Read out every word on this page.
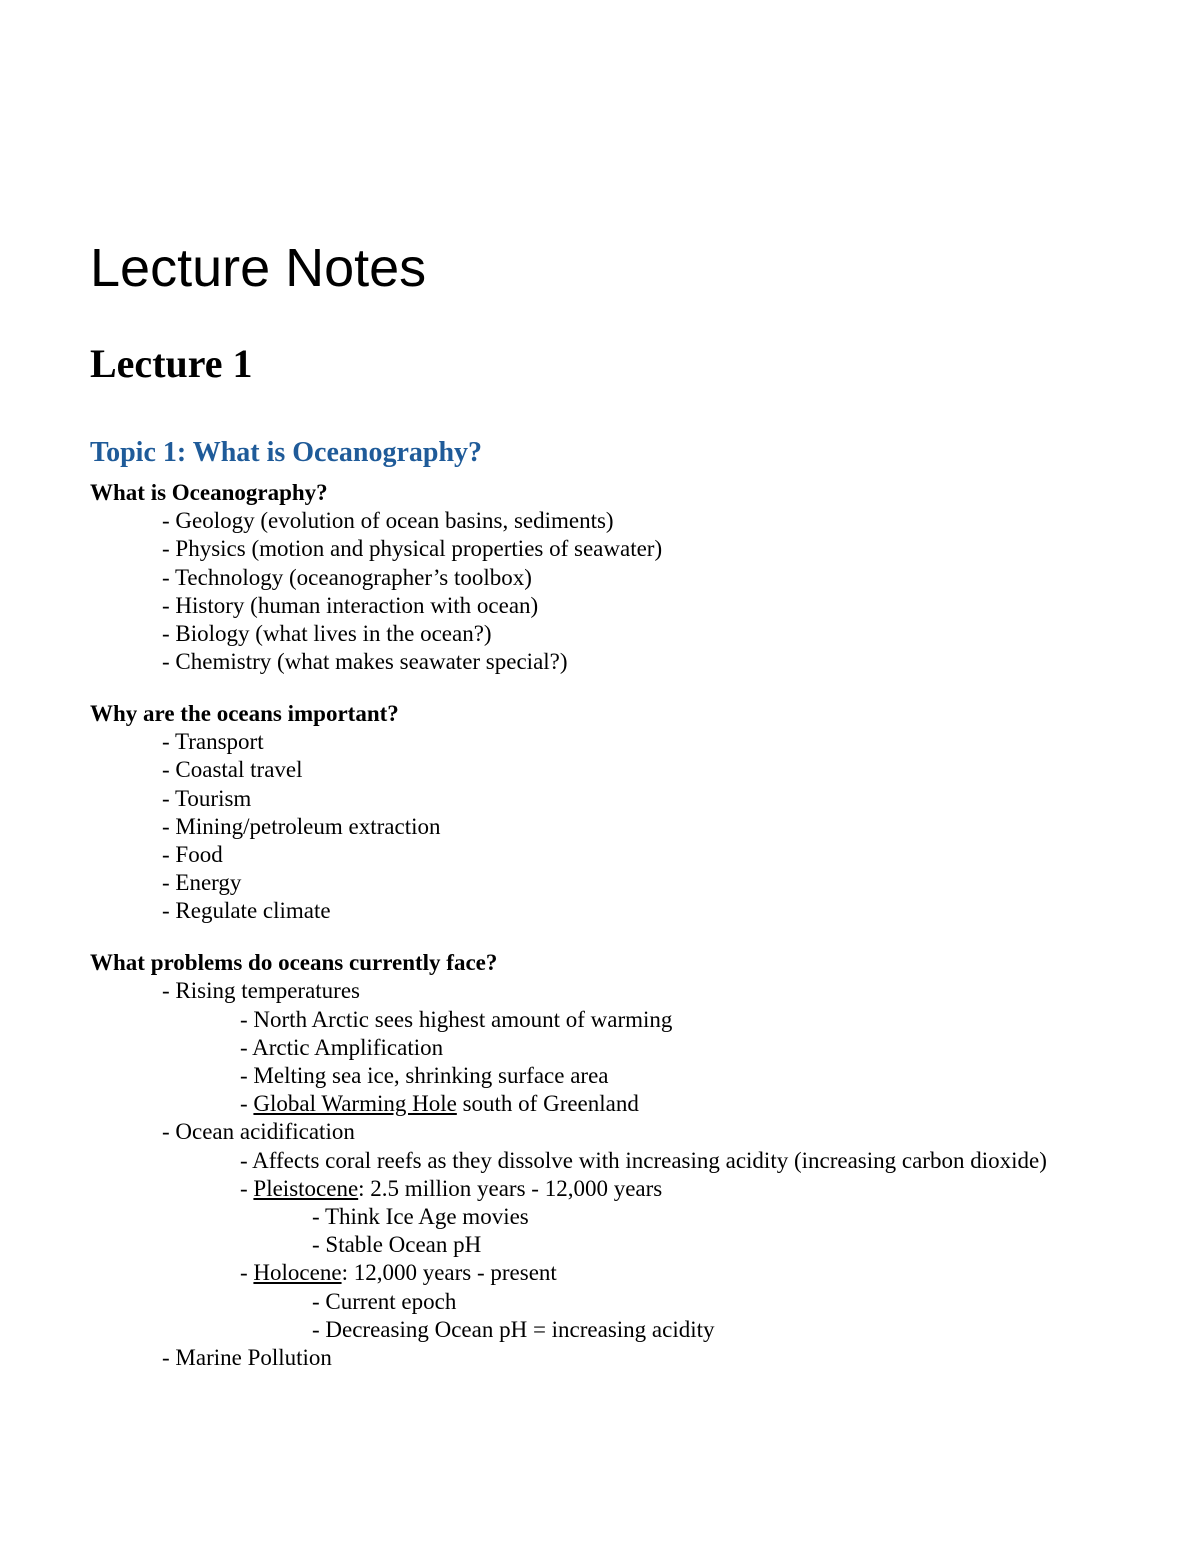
Lecture Notes
Lecture 1
Topic 1: What is Oceanography?

What is Oceanography?

- Geology (evolution of ocean basins, sediments)
- Physics (motion and physical properties of seawater)
- Technology (oceanographer’s toolbox)
- History (human interaction with ocean)
- Biology (what lives in the ocean?)
- Chemistry (what makes seawater special?)

Why are the oceans important?

- Transport
- Coastal travel
- Tourism
- Mining/petroleum extraction
- Food
- Energy
- Regulate climate

What problems do oceans currently face?

- Rising temperatures
- North Arctic sees highest amount of warming
- Arctic Amplification
- Melting sea ice, shrinking surface area
- Global Warming Hole south of Greenland
- Ocean acidification
- Affects coral reefs as they dissolve with increasing acidity (increasing carbon dioxide)
- Pleistocene: 2.5 million years - 12,000 years
- Think Ice Age movies
- Stable Ocean pH
- Holocene: 12,000 years - present
- Current epoch
- Decreasing Ocean pH = increasing acidity
- Marine Pollution
